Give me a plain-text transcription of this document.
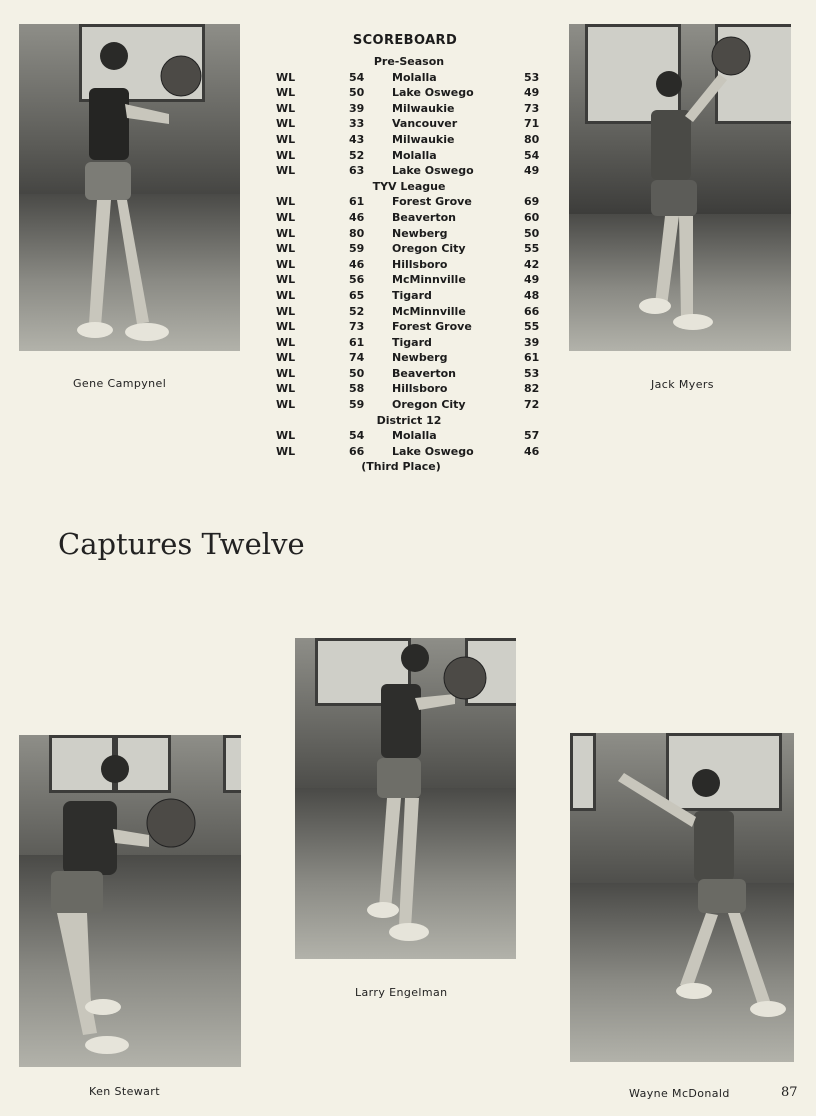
SCOREBOARD
Pre-Season
WL	54	Molalla	53
WL	50	Lake Oswego	49
WL	39	Milwaukie	73
WL	33	Vancouver	71
WL	43	Milwaukie	80
WL	52	Molalla	54
WL	63	Lake Oswego	49
TYV League
WL	61	Forest Grove	69
WL	46	Beaverton	60
WL	80	Newberg	50
WL	59	Oregon City	55
WL	46	Hillsboro	42
WL	56	McMinnville	49
WL	65	Tigard	48
WL	52	McMinnville	66
WL	73	Forest Grove	55
WL	61	Tigard	39
WL	74	Newberg	61
WL	50	Beaverton	53
WL	58	Hillsboro	82
WL	59	Oregon City	72
District 12
WL	54	Molalla	57
WL	66	Lake Oswego	46
(Third Place)
Gene Campynel	Jack Myers
Captures Twelve
Larry Engelman
Ken Stewart	Wayne McDonald	87
